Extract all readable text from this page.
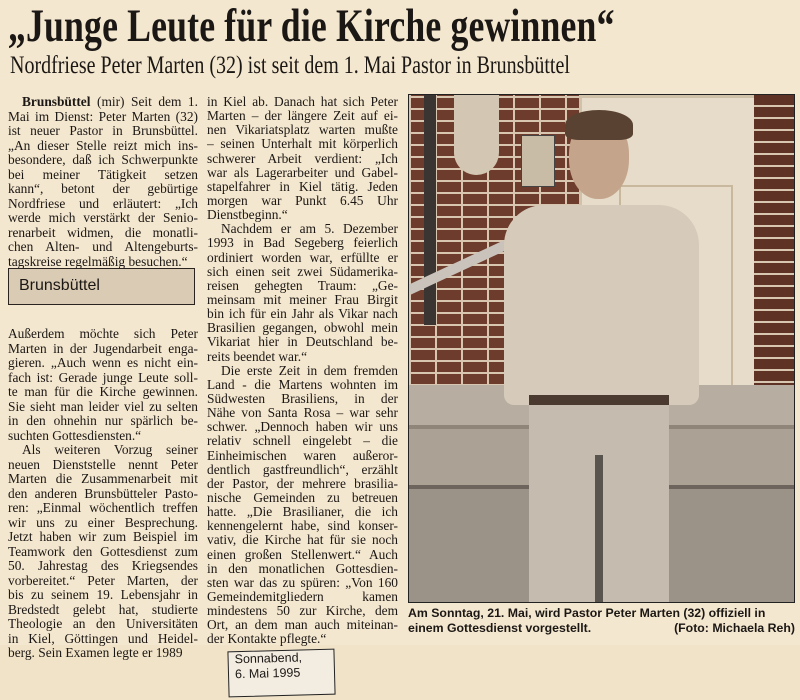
„Junge Leute für die Kirche gewinnen“
Nordfriese Peter Marten (32) ist seit dem 1. Mai Pastor in Brunsbüttel
Brunsbüttel (mir) Seit dem 1.
Mai im Dienst: Peter Marten (32)
ist neuer Pastor in Brunsbüttel.
„An dieser Stelle reizt mich ins-
besondere, daß ich Schwerpunkte
bei meiner Tätigkeit setzen
kann“, betont der gebürtige
Nordfriese und erläutert: „Ich
werde mich verstärkt der Senio-
renarbeit widmen, die monatli-
chen Alten- und Altengeburts-
tagskreise regelmäßig besuchen.“
Außerdem möchte sich Peter
Marten in der Jugendarbeit enga-
gieren. „Auch wenn es nicht ein-
fach ist: Gerade junge Leute soll-
te man für die Kirche gewinnen.
Sie sieht man leider viel zu selten
in den ohnehin nur spärlich be-
suchten Gottesdiensten.“
Als weiteren Vorzug seiner
neuen Dienststelle nennt Peter
Marten die Zusammenarbeit mit
den anderen Brunsbütteler Pasto-
ren: „Einmal wöchentlich treffen
wir uns zu einer Besprechung.
Jetzt haben wir zum Beispiel im
Teamwork den Gottesdienst zum
50. Jahrestag des Kriegsendes
vorbereitet.“ Peter Marten, der
bis zu seinem 19. Lebensjahr in
Bredstedt gelebt hat, studierte
Theologie an den Universitäten
in Kiel, Göttingen und Heidel-
berg. Sein Examen legte er 1989
Brunsbüttel
in Kiel ab. Danach hat sich Peter
Marten – der längere Zeit auf ei-
nen Vikariatsplatz warten mußte
– seinen Unterhalt mit körperlich
schwerer Arbeit verdient: „Ich
war als Lagerarbeiter und Gabel-
stapelfahrer in Kiel tätig. Jeden
morgen war Punkt 6.45 Uhr
Dienstbeginn.“
Nachdem er am 5. Dezember
1993 in Bad Segeberg feierlich
ordiniert worden war, erfüllte er
sich einen seit zwei Südamerika-
reisen gehegten Traum: „Ge-
meinsam mit meiner Frau Birgit
bin ich für ein Jahr als Vikar nach
Brasilien gegangen, obwohl mein
Vikariat hier in Deutschland be-
reits beendet war.“
Die erste Zeit in dem fremden
Land - die Martens wohnten im
Südwesten Brasiliens, in der
Nähe von Santa Rosa – war sehr
schwer. „Dennoch haben wir uns
relativ schnell eingelebt – die
Einheimischen waren außeror-
dentlich gastfreundlich“, erzählt
der Pastor, der mehrere brasilia-
nische Gemeinden zu betreuen
hatte. „Die Brasilianer, die ich
kennengelernt habe, sind konser-
vativ, die Kirche hat für sie noch
einen großen Stellenwert.“ Auch
in den monatlichen Gottesdien-
sten war das zu spüren: „Von 160
Gemeindemitgliedern kamen
mindestens 50 zur Kirche, dem
Ort, an dem man auch miteinan-
der Kontakte pflegte.“
Am Sonntag, 21. Mai, wird Pastor Peter Marten (32) offiziell in
einem Gottesdienst vorgestellt.	(Foto: Michaela Reh)
Sonnabend,
6. Mai 1995
